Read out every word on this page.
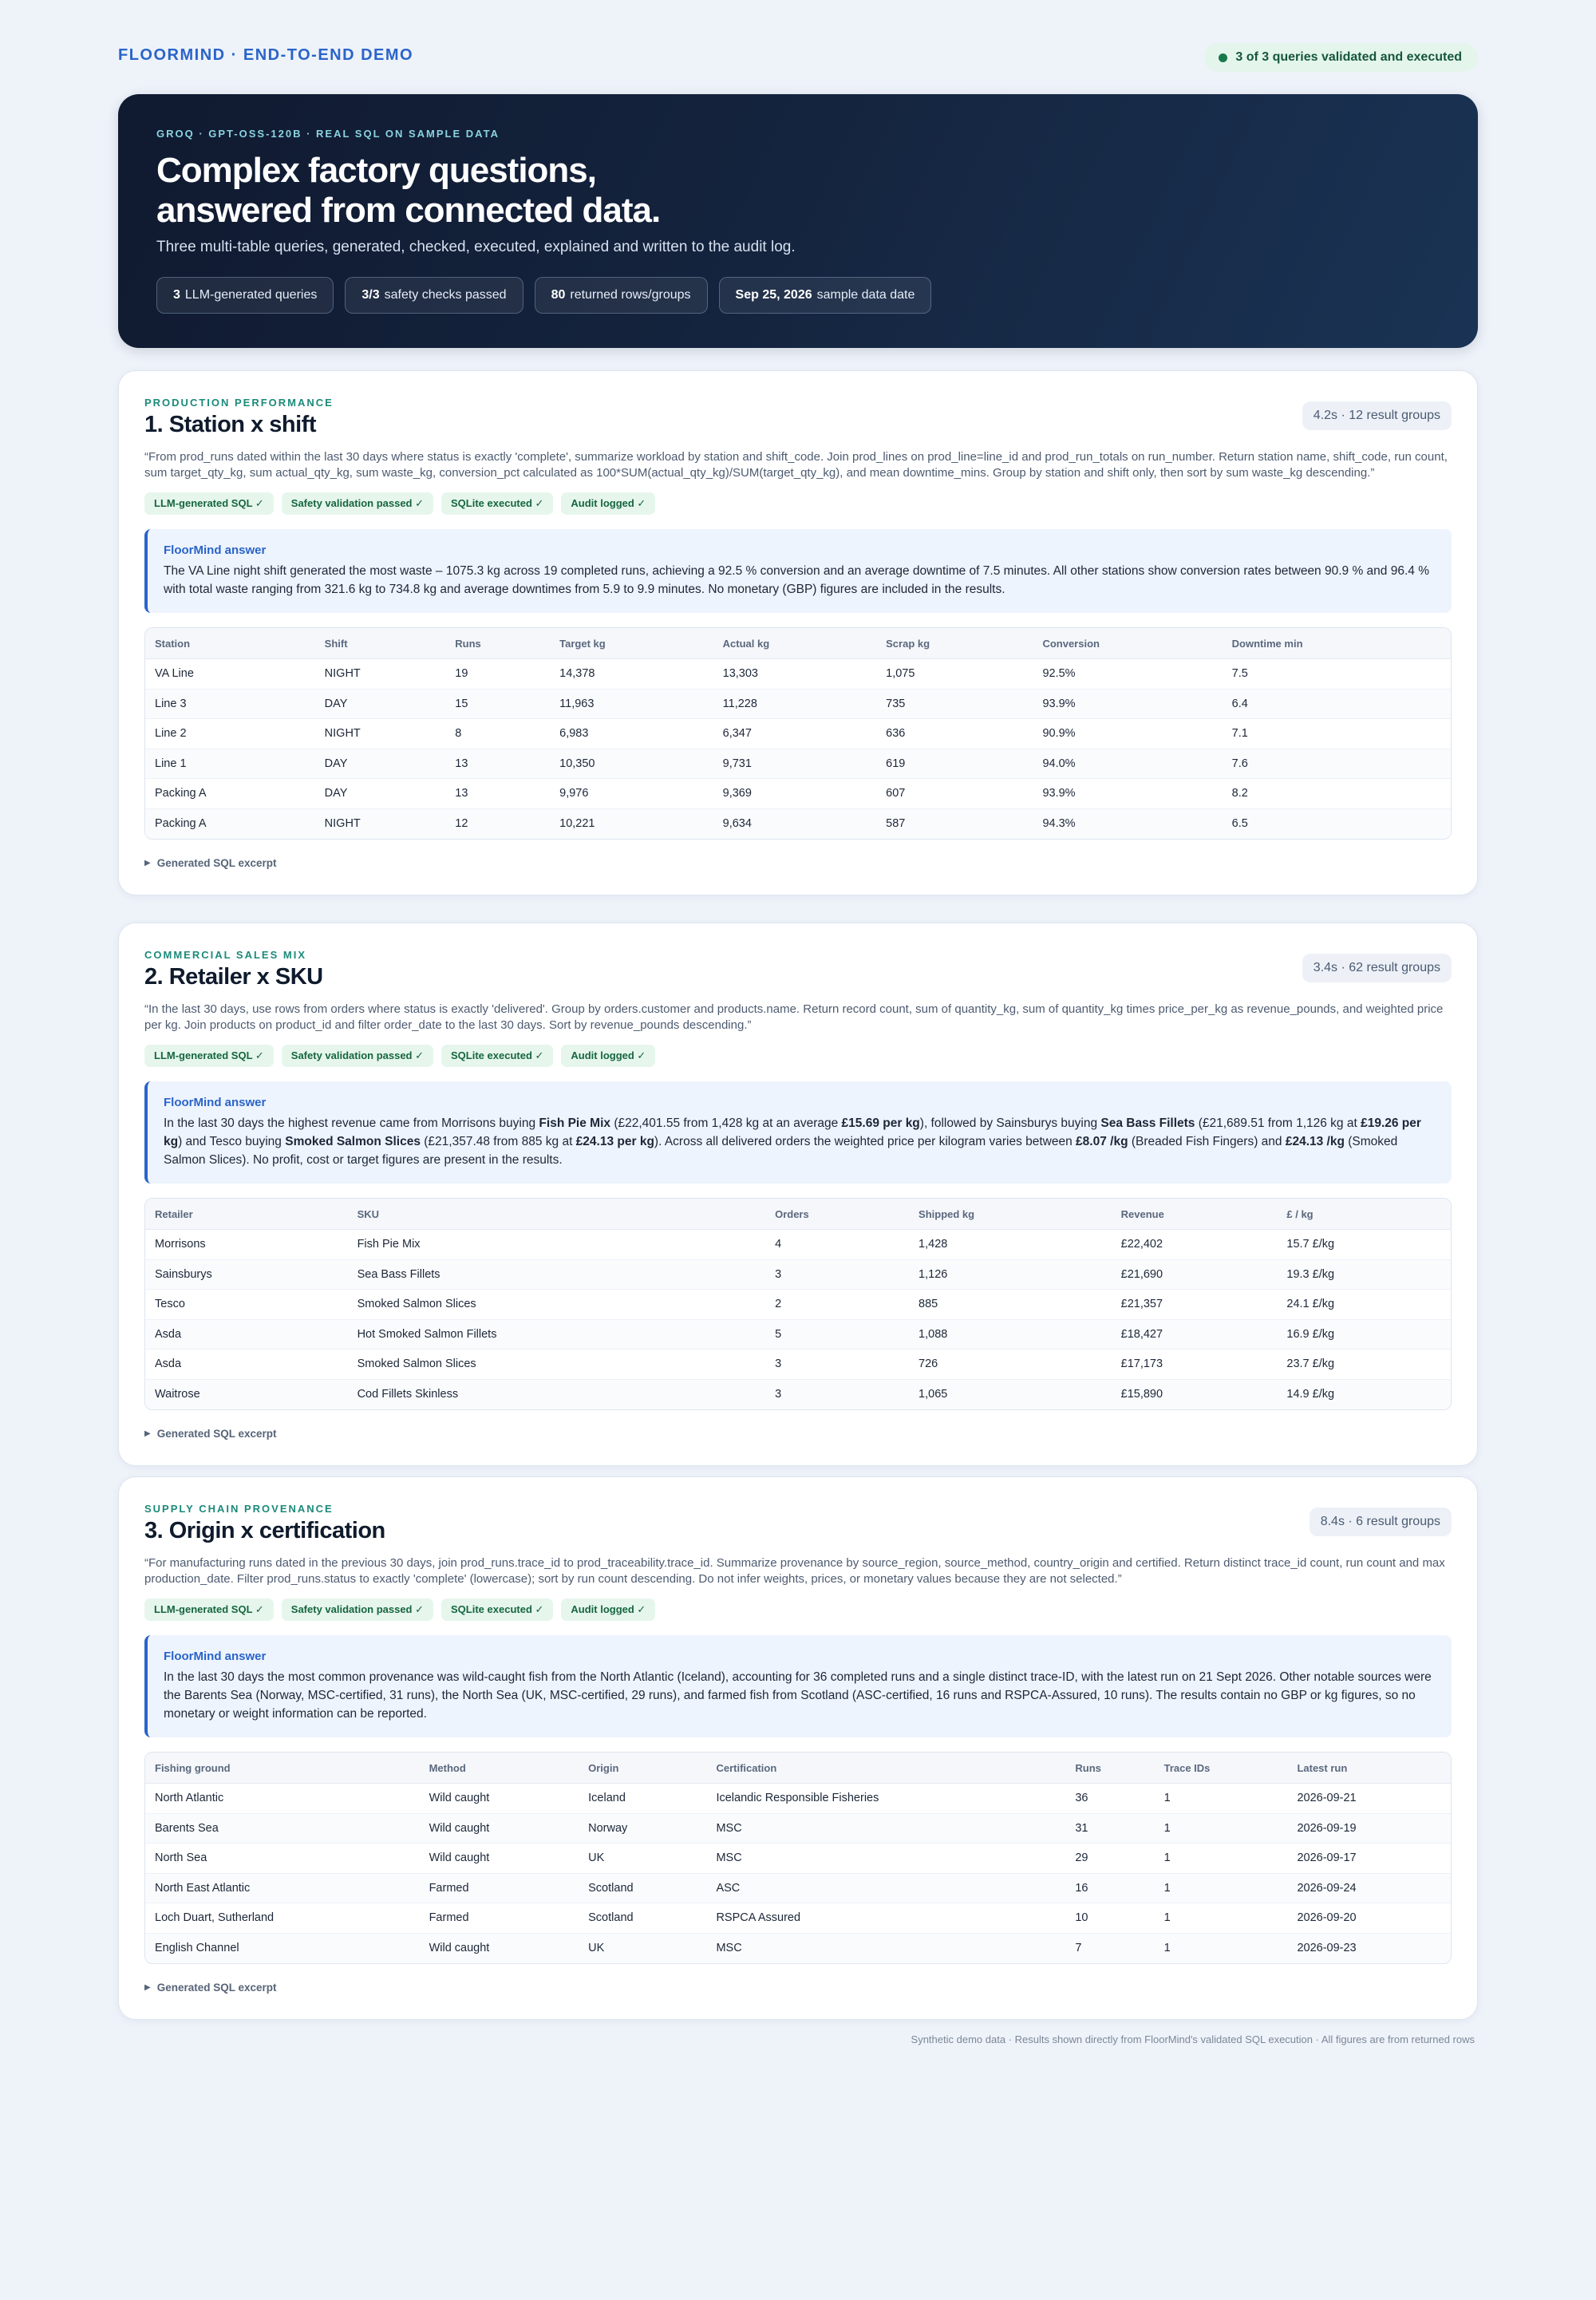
FLOORMIND · END-TO-END DEMO	3 of 3 queries validated and executed
GROQ · GPT-OSS-120B · REAL SQL ON SAMPLE DATA
Complex factory questions,
answered from connected data.
Three multi-table queries, generated, checked, executed, explained and written to the audit log.
3 LLM-generated queries	3/3 safety checks passed	80 returned rows/groups	Sep 25, 2026 sample data date
PRODUCTION PERFORMANCE
1. Station x shift	4.2s · 12 result groups

“From prod_runs dated within the last 30 days where status is exactly 'complete', summarize workload by station and shift_code. Join prod_lines on prod_line=line_id and prod_run_totals on run_number. Return station name, shift_code, run count, sum target_qty_kg, sum actual_qty_kg, sum waste_kg, conversion_pct calculated as 100*SUM(actual_qty_kg)/SUM(target_qty_kg), and mean downtime_mins. Group by station and shift only, then sort by sum waste_kg descending.”

LLM-generated SQL ✓	Safety validation passed ✓	SQLite executed ✓	Audit logged ✓
FloorMind answer
The VA Line night shift generated the most waste – 1075.3 kg across 19 completed runs, achieving a 92.5 % conversion and an average downtime of 7.5 minutes. All other stations show conversion rates between 90.9 % and 96.4 % with total waste ranging from 321.6 kg to 734.8 kg and average downtimes from 5.9 to 9.9 minutes. No monetary (GBP) figures are included in the results.
Station	Shift	Runs	Target kg	Actual kg	Scrap kg	Conversion	Downtime min
VA Line	NIGHT	19	14,378	13,303	1,075	92.5%	7.5
Line 3	DAY	15	11,963	11,228	735	93.9%	6.4
Line 2	NIGHT	8	6,983	6,347	636	90.9%	7.1
Line 1	DAY	13	10,350	9,731	619	94.0%	7.6
Packing A	DAY	13	9,976	9,369	607	93.9%	8.2
Packing A	NIGHT	12	10,221	9,634	587	94.3%	6.5
▶ Generated SQL excerpt
COMMERCIAL SALES MIX
2. Retailer x SKU	3.4s · 62 result groups

“In the last 30 days, use rows from orders where status is exactly 'delivered'. Group by orders.customer and products.name. Return record count, sum of quantity_kg, sum of quantity_kg times price_per_kg as revenue_pounds, and weighted price per kg. Join products on product_id and filter order_date to the last 30 days. Sort by revenue_pounds descending.”

LLM-generated SQL ✓	Safety validation passed ✓	SQLite executed ✓	Audit logged ✓
FloorMind answer
In the last 30 days the highest revenue came from Morrisons buying Fish Pie Mix (£22,401.55 from 1,428 kg at an average £15.69 per kg), followed by Sainsburys buying Sea Bass Fillets (£21,689.51 from 1,126 kg at £19.26 per kg) and Tesco buying Smoked Salmon Slices (£21,357.48 from 885 kg at £24.13 per kg). Across all delivered orders the weighted price per kilogram varies between £8.07 /kg (Breaded Fish Fingers) and £24.13 /kg (Smoked Salmon Slices). No profit, cost or target figures are present in the results.
Retailer	SKU	Orders	Shipped kg	Revenue	£ / kg
Morrisons	Fish Pie Mix	4	1,428	£22,402	15.7 £/kg
Sainsburys	Sea Bass Fillets	3	1,126	£21,690	19.3 £/kg
Tesco	Smoked Salmon Slices	2	885	£21,357	24.1 £/kg
Asda	Hot Smoked Salmon Fillets	5	1,088	£18,427	16.9 £/kg
Asda	Smoked Salmon Slices	3	726	£17,173	23.7 £/kg
Waitrose	Cod Fillets Skinless	3	1,065	£15,890	14.9 £/kg
▶ Generated SQL excerpt
SUPPLY CHAIN PROVENANCE
3. Origin x certification	8.4s · 6 result groups

“For manufacturing runs dated in the previous 30 days, join prod_runs.trace_id to prod_traceability.trace_id. Summarize provenance by source_region, source_method, country_origin and certified. Return distinct trace_id count, run count and max production_date. Filter prod_runs.status to exactly 'complete' (lowercase); sort by run count descending. Do not infer weights, prices, or monetary values because they are not selected.”

LLM-generated SQL ✓	Safety validation passed ✓	SQLite executed ✓	Audit logged ✓
FloorMind answer
In the last 30 days the most common provenance was wild-caught fish from the North Atlantic (Iceland), accounting for 36 completed runs and a single distinct trace-ID, with the latest run on 21 Sept 2026. Other notable sources were the Barents Sea (Norway, MSC-certified, 31 runs), the North Sea (UK, MSC-certified, 29 runs), and farmed fish from Scotland (ASC-certified, 16 runs and RSPCA-Assured, 10 runs). The results contain no GBP or kg figures, so no monetary or weight information can be reported.
Fishing ground	Method	Origin	Certification	Runs	Trace IDs	Latest run
North Atlantic	Wild caught	Iceland	Icelandic Responsible Fisheries	36	1	2026-09-21
Barents Sea	Wild caught	Norway	MSC	31	1	2026-09-19
North Sea	Wild caught	UK	MSC	29	1	2026-09-17
North East Atlantic	Farmed	Scotland	ASC	16	1	2026-09-24
Loch Duart, Sutherland	Farmed	Scotland	RSPCA Assured	10	1	2026-09-20
English Channel	Wild caught	UK	MSC	7	1	2026-09-23
▶ Generated SQL excerpt
Synthetic demo data · Results shown directly from FloorMind's validated SQL execution · All figures are from returned rows
